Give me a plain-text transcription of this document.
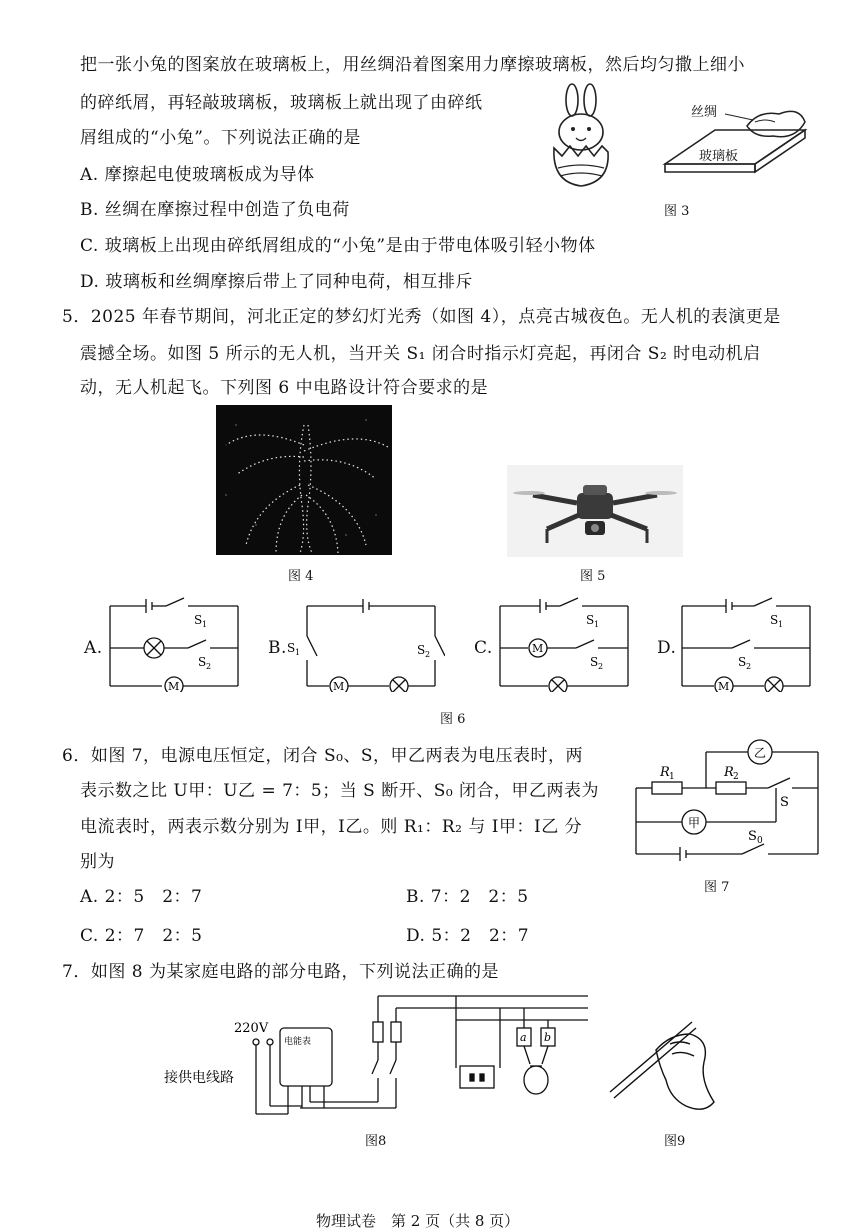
把一张小兔的图案放在玻璃板上，用丝绸沿着图案用力摩擦玻璃板，然后均匀撒上细小
的碎纸屑，再轻敲玻璃板，玻璃板上就出现了由碎纸
屑组成的“小兔”。下列说法正确的是
A. 摩擦起电使玻璃板成为导体
B. 丝绸在摩擦过程中创造了负电荷
C. 玻璃板上出现由碎纸屑组成的“小兔”是由于带电体吸引轻小物体
D. 玻璃板和丝绸摩擦后带上了同种电荷，相互排斥
丝绸
玻璃板
图 3
5．2025 年春节期间，河北正定的梦幻灯光秀（如图 4），点亮古城夜色。无人机的表演更是
震撼全场。如图 5 所示的无人机，当开关 S₁ 闭合时指示灯亮起，再闭合 S₂ 时电动机启
动，无人机起飞。下列图 6 中电路设计符合要求的是
图 4	图 5
A.
M
S 1
S 2
B.
M
S 1	S 2	C.	M
S 1
S 2
D.
M
S 1
S 2
图 6
6．如图 7，电源电压恒定，闭合 S₀、S，甲乙两表为电压表时，两
表示数之比 U甲：U乙 = 7：5；当 S 断开、S₀ 闭合，甲乙两表为
电流表时，两表示数分别为 I甲，I乙。则 R₁：R₂ 与 I甲：I乙 分
别为
A. 2：5　2：7	B. 7：2　2：5
C. 2：7　2：5	D. 5：2　2：7
R 1	R 2
乙
甲
S
S 0
图 7
7．如图 8 为某家庭电路的部分电路，下列说法正确的是
220V
接供电线路
电能表	a b
图8	图9
物理试卷　第 2 页（共 8 页）
